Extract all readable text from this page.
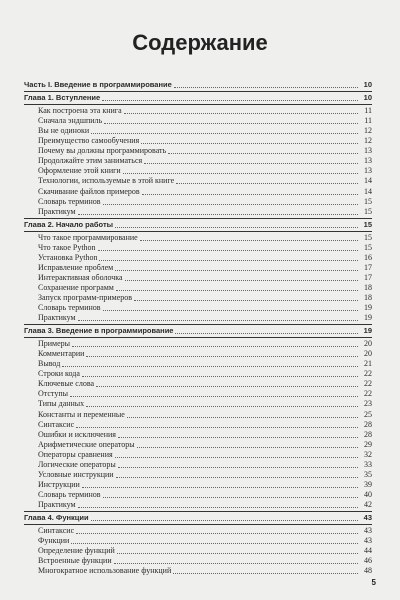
Содержание
Часть I. Введение в программирование	10
Глава 1. Вступление	10
Как построена эта книга	11
Сначала эндшпиль	11
Вы не одиноки	12
Преимущество самообучения	12
Почему вы должны программировать	13
Продолжайте этим заниматься	13
Оформление этой книги	13
Технологии, используемые в этой книге	14
Скачивание файлов примеров	14
Словарь терминов	15
Практикум	15
Глава 2. Начало работы	15
Что такое программирование	15
Что такое Python	15
Установка Python	16
Исправление проблем	17
Интерактивная оболочка	17
Сохранение программ	18
Запуск программ-примеров	18
Словарь терминов	19
Практикум	19
Глава 3. Введение в программирование	19
Примеры	20
Комментарии	20
Вывод	21
Строки кода	22
Ключевые слова	22
Отступы	22
Типы данных	23
Константы и переменные	25
Синтаксис	28
Ошибки и исключения	28
Арифметические операторы	29
Операторы сравнения	32
Логические операторы	33
Условные инструкции	35
Инструкции	39
Словарь терминов	40
Практикум	42
Глава 4. Функции	43
Синтаксис	43
Функции	43
Определение функций	44
Встроенные функции	46
Многократное использование функций	48
5
